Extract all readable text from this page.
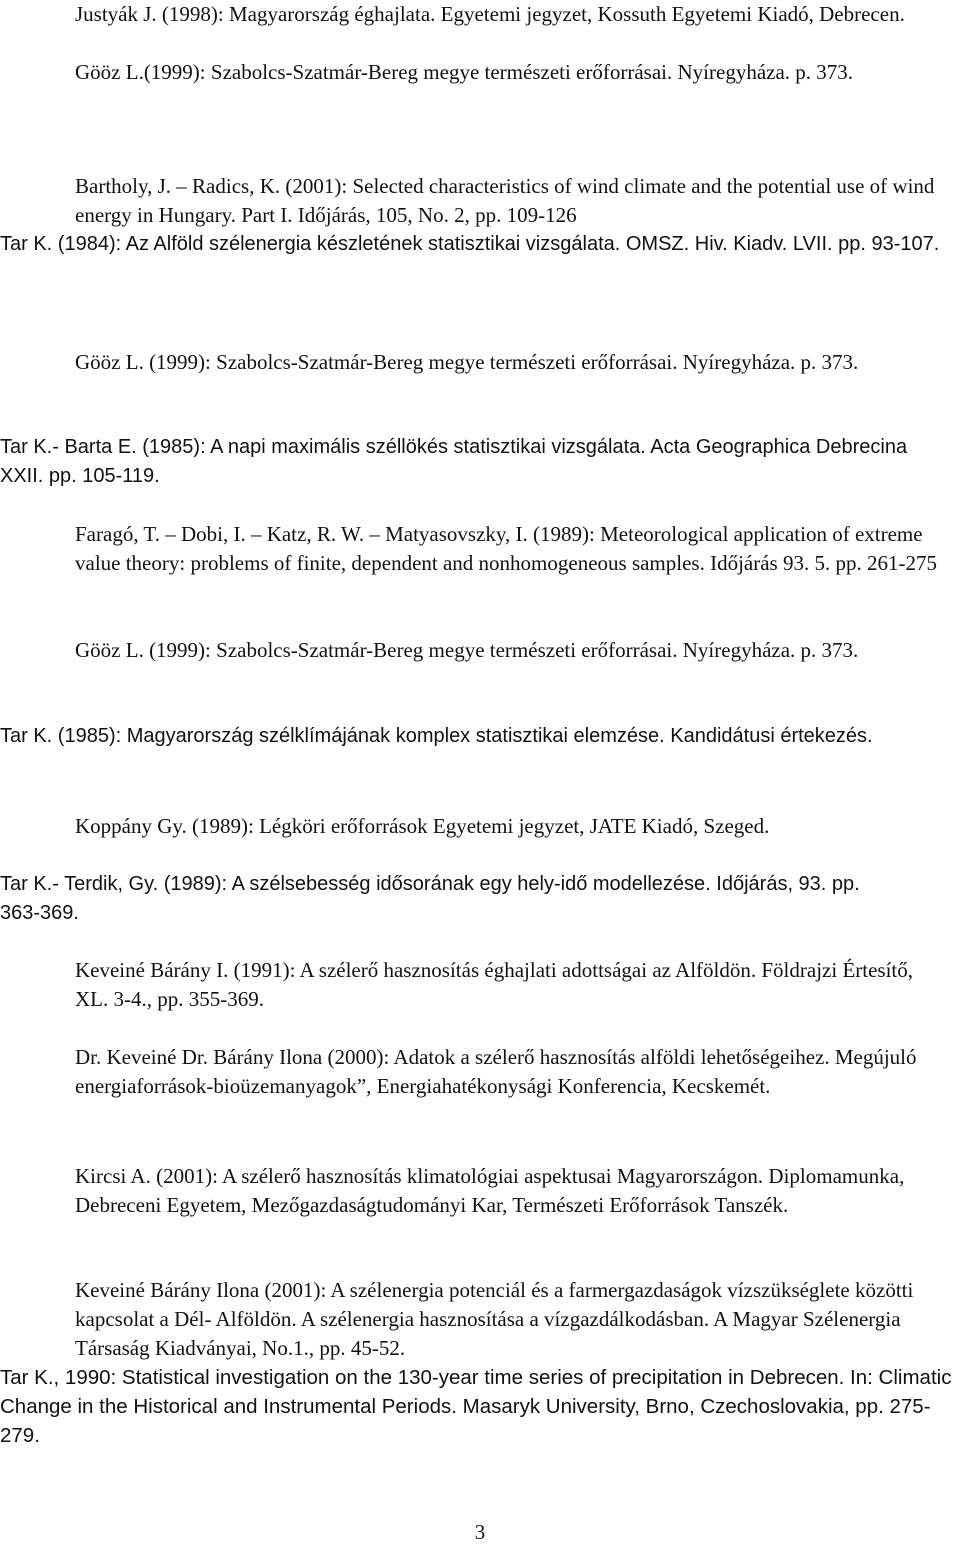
Justyák J. (1998): Magyarország éghajlata. Egyetemi jegyzet, Kossuth Egyetemi Kiadó, Debrecen.

Gööz L.(1999): Szabolcs-Szatmár-Bereg megye természeti erőforrásai. Nyíregyháza. p. 373.

Bartholy, J. – Radics, K. (2001): Selected characteristics of wind climate and the potential use of wind energy in Hungary. Part I. Időjárás, 105, No. 2, pp. 109-126

Tar K. (1984): Az Alföld szélenergia készletének statisztikai vizsgálata. OMSZ. Hiv. Kiadv. LVII. pp. 93-107.

Gööz L. (1999): Szabolcs-Szatmár-Bereg megye természeti erőforrásai. Nyíregyháza. p. 373.

Tar K.- Barta E. (1985): A napi maximális széllökés statisztikai vizsgálata. Acta Geographica Debrecina XXII. pp. 105-119.

Faragó, T. – Dobi, I. – Katz, R. W. – Matyasovszky, I. (1989): Meteorological application of extreme value theory: problems of finite, dependent and nonhomogeneous samples. Időjárás 93. 5. pp. 261-275

Gööz L. (1999): Szabolcs-Szatmár-Bereg megye természeti erőforrásai. Nyíregyháza. p. 373.

Tar K. (1985): Magyarország szélklímájának komplex statisztikai elemzése. Kandidátusi értekezés.

Koppány Gy. (1989): Légköri erőforrások Egyetemi jegyzet, JATE Kiadó, Szeged.

Tar K.- Terdik, Gy. (1989): A szélsebesség idősorának egy hely-idő modellezése. Időjárás, 93. pp. 363-369.

Keveiné Bárány I. (1991): A szélerő hasznosítás éghajlati adottságai az Alföldön. Földrajzi Értesítő, XL. 3-4., pp. 355-369.

Dr. Keveiné Dr. Bárány Ilona (2000): Adatok a szélerő hasznosítás alföldi lehetőségeihez. Megújuló energiaforrások-bioüzemanyagok”, Energiahatékonysági Konferencia, Kecskemét.

Kircsi A. (2001): A szélerő hasznosítás klimatológiai aspektusai Magyarországon. Diplomamunka, Debreceni Egyetem, Mezőgazdaságtudományi Kar, Természeti Erőforrások Tanszék.

Keveiné Bárány Ilona (2001): A szélenergia potenciál és a farmergazdaságok vízszükséglete közötti kapcsolat a Dél- Alföldön. A szélenergia hasznosítása a vízgazdálkodásban. A Magyar Szélenergia Társaság Kiadványai, No.1., pp. 45-52.

Tar K., 1990: Statistical investigation on the 130-year time series of precipitation in Debrecen. In: Climatic Change in the Historical and Instrumental Periods. Masaryk University, Brno, Czechoslovakia, pp. 275-279.

3
